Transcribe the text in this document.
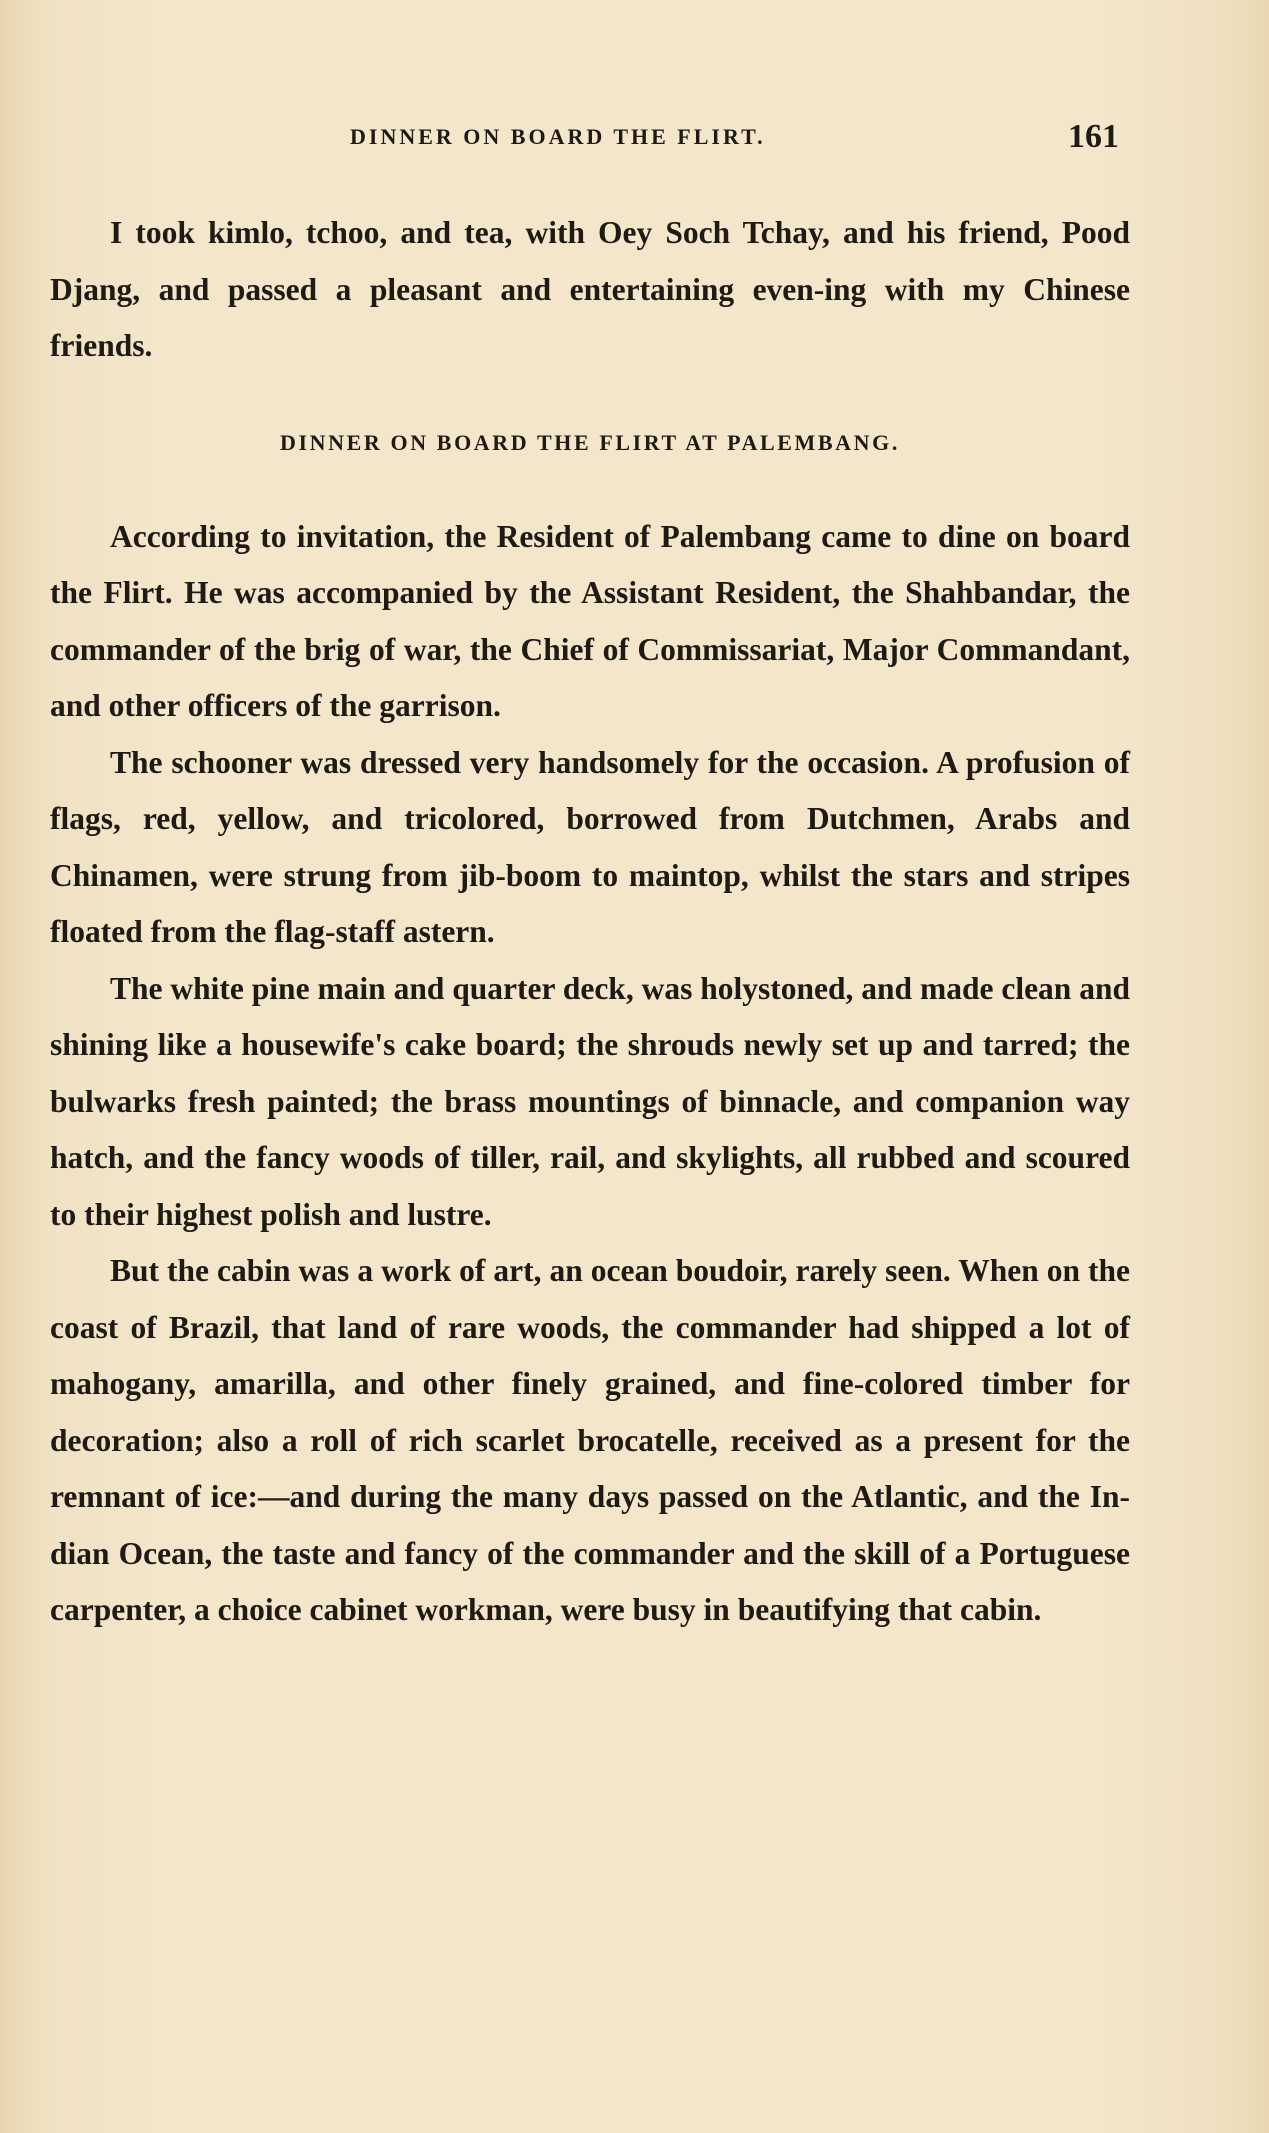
DINNER ON BOARD THE FLIRT.	161

I took kimlo, tchoo, and tea, with Oey Soch Tchay, and his friend, Pood Djang, and passed a pleasant and entertaining even-ing with my Chinese friends.

DINNER ON BOARD THE FLIRT AT PALEMBANG.

According to invitation, the Resident of Palembang came to dine on board the Flirt. He was accompanied by the Assistant Resident, the Shahbandar, the commander of the brig of war, the Chief of Commissariat, Major Commandant, and other officers of the garrison.

The schooner was dressed very handsomely for the occasion. A profusion of flags, red, yellow, and tricolored, borrowed from Dutchmen, Arabs and Chinamen, were strung from jib-boom to maintop, whilst the stars and stripes floated from the flag-staff astern.

The white pine main and quarter deck, was holystoned, and made clean and shining like a housewife's cake board; the shrouds newly set up and tarred; the bulwarks fresh painted; the brass mountings of binnacle, and companion way hatch, and the fancy woods of tiller, rail, and skylights, all rubbed and scoured to their highest polish and lustre.

But the cabin was a work of art, an ocean boudoir, rarely seen. When on the coast of Brazil, that land of rare woods, the commander had shipped a lot of mahogany, amarilla, and other finely grained, and fine-colored timber for decoration; also a roll of rich scarlet brocatelle, received as a present for the remnant of ice:—and during the many days passed on the Atlantic, and the In-dian Ocean, the taste and fancy of the commander and the skill of a Portuguese carpenter, a choice cabinet workman, were busy in beautifying that cabin.
